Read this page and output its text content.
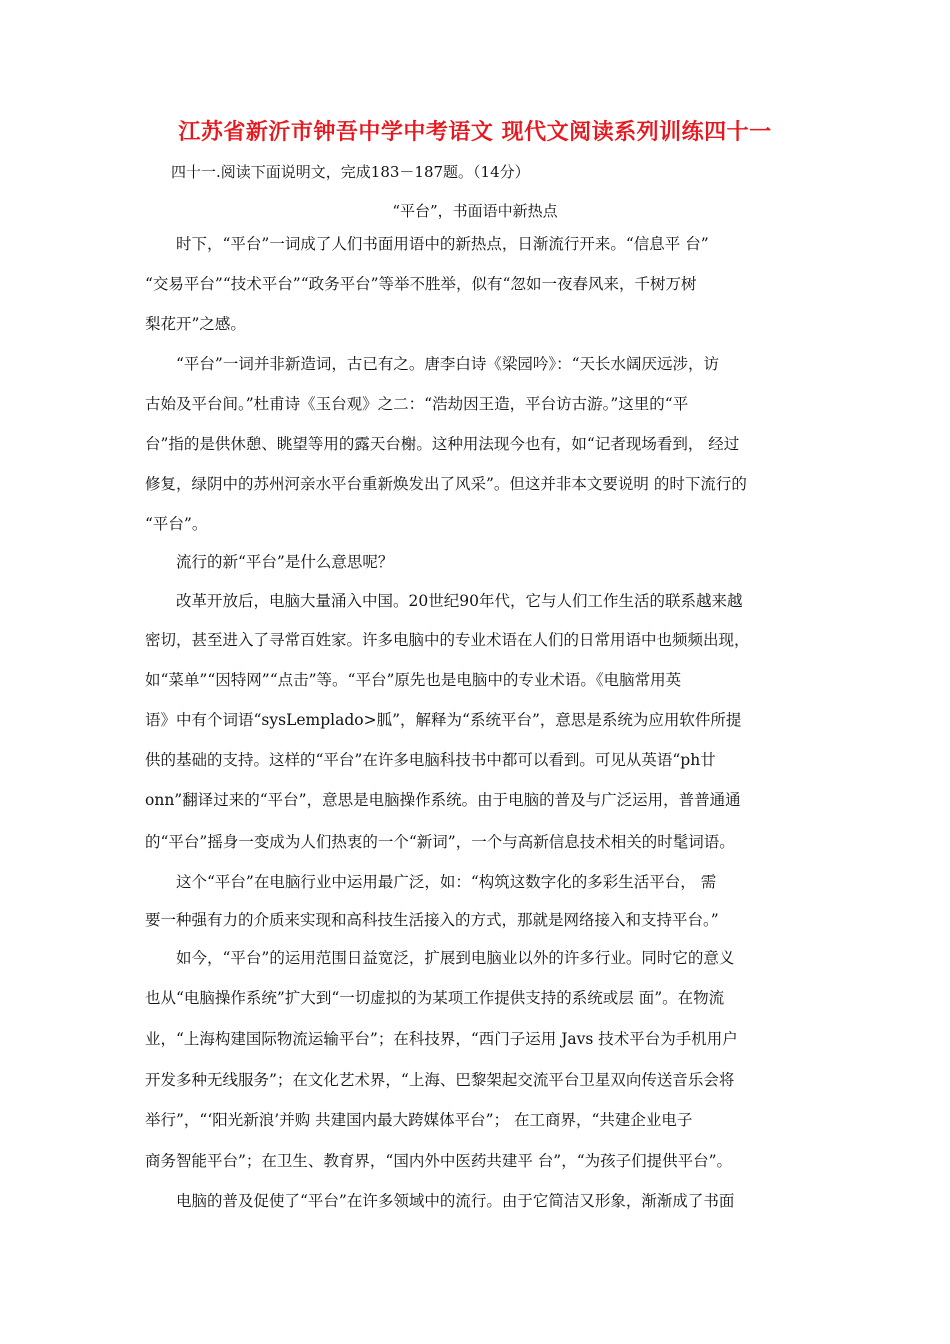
江苏省新沂市钟吾中学中考语文 现代文阅读系列训练四十一
四十一.阅读下面说明文，完成183－187题。（14分）
“平台”，书面语中新热点
时下，“平台”一词成了人们书面用语中的新热点，日渐流行开来。“信息平 台”
“交易平台”“技术平台”“政务平台”等举不胜举，似有“忽如一夜春风来，千树万树
梨花开”之感。
“平台”一词并非新造词，古已有之。唐李白诗《梁园吟》：“天长水阔厌远涉，访
古始及平台间。”杜甫诗《玉台观》之二：“浩劫因王造，平台访古游。”这里的“平
台”指的是供休憩、眺望等用的露天台榭。这种用法现今也有，如“记者现场看到， 经过
修复，绿阴中的苏州河亲水平台重新焕发出了风采”。但这并非本文要说明 的时下流行的
“平台”。
流行的新“平台”是什么意思呢？
改革开放后，电脑大量涌入中国。20世纪90年代，它与人们工作生活的联系越来越
密切，甚至进入了寻常百姓家。许多电脑中的专业术语在人们的日常用语中也频频出现，
如“菜单”“因特网”“点击”等。“平台”原先也是电脑中的专业术语。《电脑常用英
语》中有个词语“sysLemplado>胍”，解释为“系统平台”，意思是系统为应用软件所提
供的基础的支持。这样的“平台”在许多电脑科技书中都可以看到。可见从英语“ph廿
onn”翻译过来的“平台”，意思是电脑操作系统。由于电脑的普及与广泛运用，普普通通
的“平台”摇身一变成为人们热衷的一个“新词”，一个与高新信息技术相关的时髦词语。
这个“平台”在电脑行业中运用最广泛，如：“构筑这数字化的多彩生活平台， 需
要一种强有力的介质来实现和高科技生活接入的方式，那就是网络接入和支持平台。”
如今，“平台”的运用范围日益宽泛，扩展到电脑业以外的许多行业。同时它的意义
也从“电脑操作系统”扩大到“一切虚拟的为某项工作提供支持的系统或层 面”。在物流
业，“上海构建国际物流运输平台”；在科技界，“西门子运用 Javs 技术平台为手机用户
开发多种无线服务”；在文化艺术界，“上海、巴黎架起交流平台卫星双向传送音乐会将
举行”，“‘阳光新浪’并购 共建国内最大跨媒体平台”； 在工商界，“共建企业电子
商务智能平台”；在卫生、教育界，“国内外中医药共建平 台”，“为孩子们提供平台”。
电脑的普及促使了“平台”在许多领域中的流行。由于它简洁又形象，渐渐成了书面
